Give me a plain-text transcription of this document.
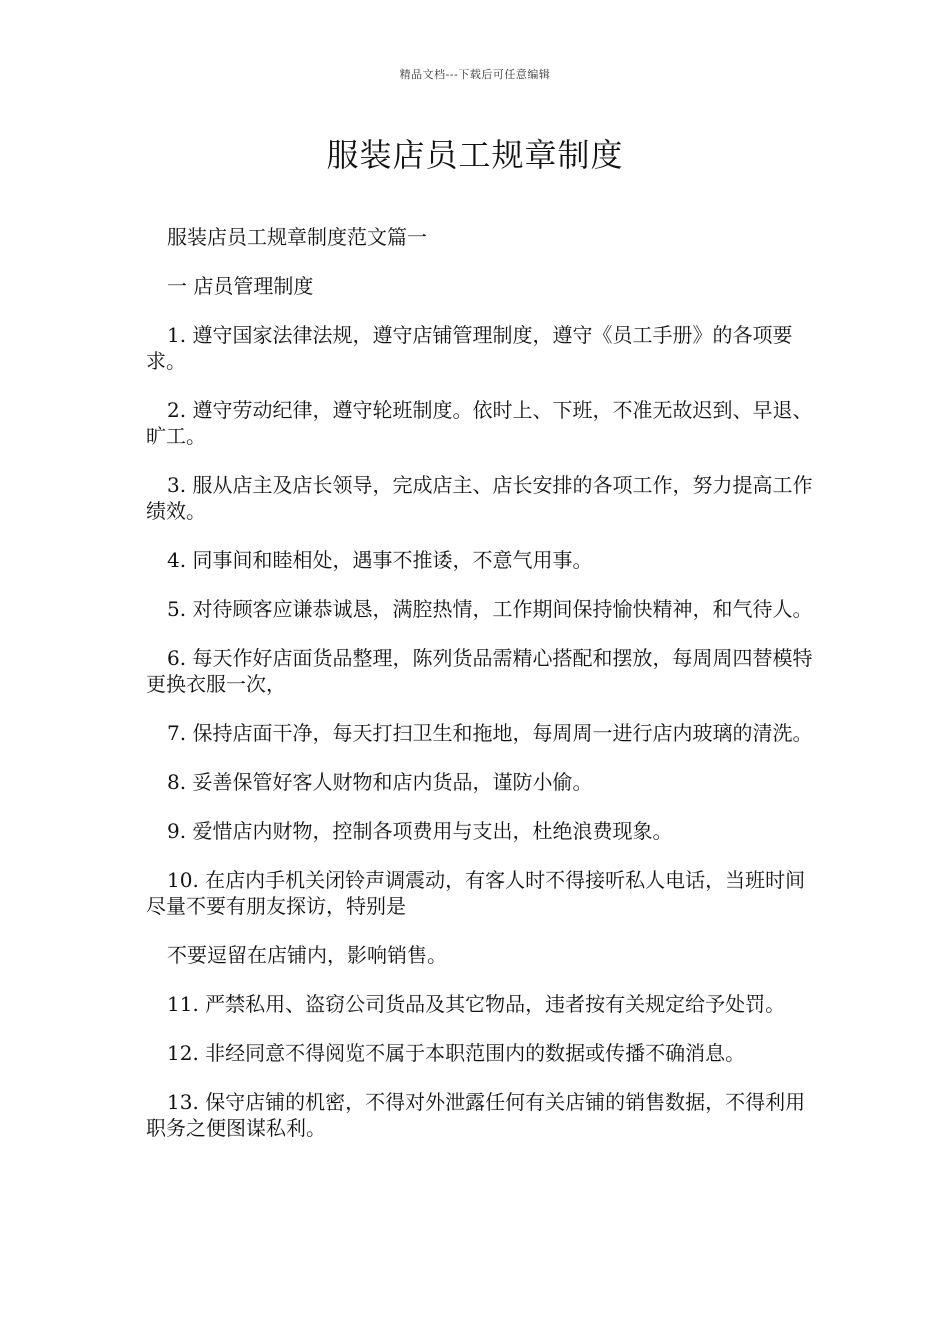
精品文档---下载后可任意编辑
服装店员工规章制度

服装店员工规章制度范文篇一

一 店员管理制度

1. 遵守国家法律法规，遵守店铺管理制度，遵守《员工手册》的各项要求。

2. 遵守劳动纪律，遵守轮班制度。依时上、下班，不准无故迟到、早退、旷工。

3. 服从店主及店长领导，完成店主、店长安排的各项工作，努力提高工作绩效。

4. 同事间和睦相处，遇事不推诿，不意气用事。

5. 对待顾客应谦恭诚恳，满腔热情，工作期间保持愉快精神，和气待人。

6. 每天作好店面货品整理，陈列货品需精心搭配和摆放，每周周四替模特更换衣服一次，

7. 保持店面干净，每天打扫卫生和拖地，每周周一进行店内玻璃的清洗。

8. 妥善保管好客人财物和店内货品，谨防小偷。

9. 爱惜店内财物，控制各项费用与支出，杜绝浪费现象。

10. 在店内手机关闭铃声调震动，有客人时不得接听私人电话，当班时间尽量不要有朋友探访，特别是

不要逗留在店铺内，影响销售。

11. 严禁私用、盗窃公司货品及其它物品，违者按有关规定给予处罚。

12. 非经同意不得阅览不属于本职范围内的数据或传播不确消息。

13. 保守店铺的机密，不得对外泄露任何有关店铺的销售数据，不得利用职务之便图谋私利。
